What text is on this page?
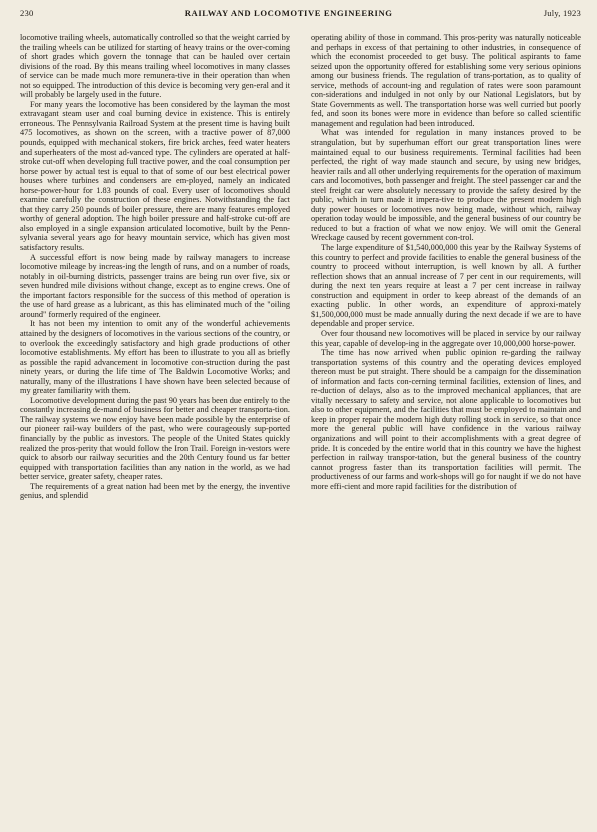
230	RAILWAY AND LOCOMOTIVE ENGINEERING	July, 1923

locomotive trailing wheels, automatically controlled so that the weight carried by the trailing wheels can be utilized for starting of heavy trains or the over-coming of short grades which govern the tonnage that can be hauled over certain divisions of the road. By this means trailing wheel locomotives in many classes of service can be made much more remunera-tive in their operation than when not so equipped. The introduction of this device is becoming very gen-eral and it will probably be largely used in the future.

For many years the locomotive has been considered by the layman the most extravagant steam user and coal burning device in existence. This is entirely erroneous. The Pennsylvania Railroad System at the present time is having built 475 locomotives, as shown on the screen, with a tractive power of 87,000 pounds, equipped with mechanical stokers, fire brick arches, feed water heaters and superheaters of the most ad-vanced type. The cylinders are operated at half-stroke cut-off when developing full tractive power, and the coal consumption per horse power by actual test is equal to that of some of our best electrical power houses where turbines and condensers are em-ployed, namely an indicated horse-power-hour for 1.83 pounds of coal. Every user of locomotives should examine carefully the construction of these engines. Notwithstanding the fact that they carry 250 pounds of boiler pressure, there are many features employed worthy of general adoption. The high boiler pressure and half-stroke cut-off are also employed in a single expansion articulated locomotive, built by the Penn-sylvania several years ago for heavy mountain service, which has given most satisfactory results.

A successful effort is now being made by railway managers to increase locomotive mileage by increas-ing the length of runs, and on a number of roads, notably in oil-burning districts, passenger trains are being run over five, six or seven hundred mile divisions without change, except as to engine crews. One of the important factors responsible for the success of this method of operation is the use of hard grease as a lubricant, as this has eliminated much of the "oiling around" formerly required of the engineer.

It has not been my intention to omit any of the wonderful achievements attained by the designers of locomotives in the various sections of the country, or to overlook the exceedingly satisfactory and high grade productions of other locomotive establishments. My effort has been to illustrate to you all as briefly as possible the rapid advancement in locomotive con-struction during the past ninety years, or during the life time of The Baldwin Locomotive Works; and naturally, many of the illustrations I have shown have been selected because of my greater familiarity with them.

Locomotive development during the past 90 years has been due entirely to the constantly increasing de-mand of business for better and cheaper transporta-tion. The railway systems we now enjoy have been made possible by the enterprise of our pioneer rail-way builders of the past, who were courageously sup-ported financially by the public as investors. The people of the United States quickly realized the pros-perity that would follow the Iron Trail. Foreign in-vestors were quick to absorb our railway securities and the 20th Century found us far better equipped with transportation facilities than any nation in the world, as we had better service, greater safety, cheaper rates.

The requirements of a great nation had been met by the energy, the inventive genius, and splendid

operating ability of those in command. This pros-perity was naturally noticeable and perhaps in excess of that pertaining to other industries, in consequence of which the economist proceeded to get busy. The political aspirants to fame seized upon the opportunity offered for establishing some very serious opinions among our business friends. The regulation of trans-portation, as to quality of service, methods of account-ing and regulation of rates were soon paramount con-siderations and indulged in not only by our National Legislators, but by State Governments as well. The transportation horse was well curried but poorly fed, and soon its bones were more in evidence than before so called scientific management and regulation had been introduced.

What was intended for regulation in many instances proved to be strangulation, but by superhuman effort our great transportation lines were maintained equal to our business requirements. Terminal facilities had been perfected, the right of way made staunch and secure, by using new bridges, heavier rails and all other underlying requirements for the operation of maximum cars and locomotives, both passenger and freight. The steel passenger car and the steel freight car were absolutely necessary to provide the safety desired by the public, which in turn made it impera-tive to produce the present modern high duty power houses or locomotives now being made, without which, railway operation today would be impossible, and the general business of our country be reduced to but a fraction of what we now enjoy. We will omit the General Wreckage caused by recent government con-trol.

The large expenditure of $1,540,000,000 this year by the Railway Systems of this country to perfect and provide facilities to enable the general business of the country to proceed without interruption, is well known by all. A further reflection shows that an annual increase of 7 per cent in our requirements, will during the next ten years require at least a 7 per cent increase in railway construction and equipment in order to keep abreast of the demands of an exacting public. In other words, an expenditure of approxi-mately $1,500,000,000 must be made annually during the next decade if we are to have dependable and proper service.

Over four thousand new locomotives will be placed in service by our railway this year, capable of develop-ing in the aggregate over 10,000,000 horse-power.

The time has now arrived when public opinion re-garding the railway transportation systems of this country and the operating devices employed thereon must be put straight. There should be a campaign for the dissemination of information and facts con-cerning terminal facilities, extension of lines, and re-duction of delays, also as to the improved mechanical appliances, that are vitally necessary to safety and service, not alone applicable to locomotives but also to other equipment, and the facilities that must be employed to maintain and keep in proper repair the modern high duty rolling stock in service, so that once more the general public will have confidence in the various railway organizations and will point to their accomplishments with a great degree of pride. It is conceded by the entire world that in this country we have the highest perfection in railway transpor-tation, but the general business of the country cannot progress faster than its transportation facilities will permit. The productiveness of our farms and work-shops will go for naught if we do not have more effi-cient and more rapid facilities for the distribution of
